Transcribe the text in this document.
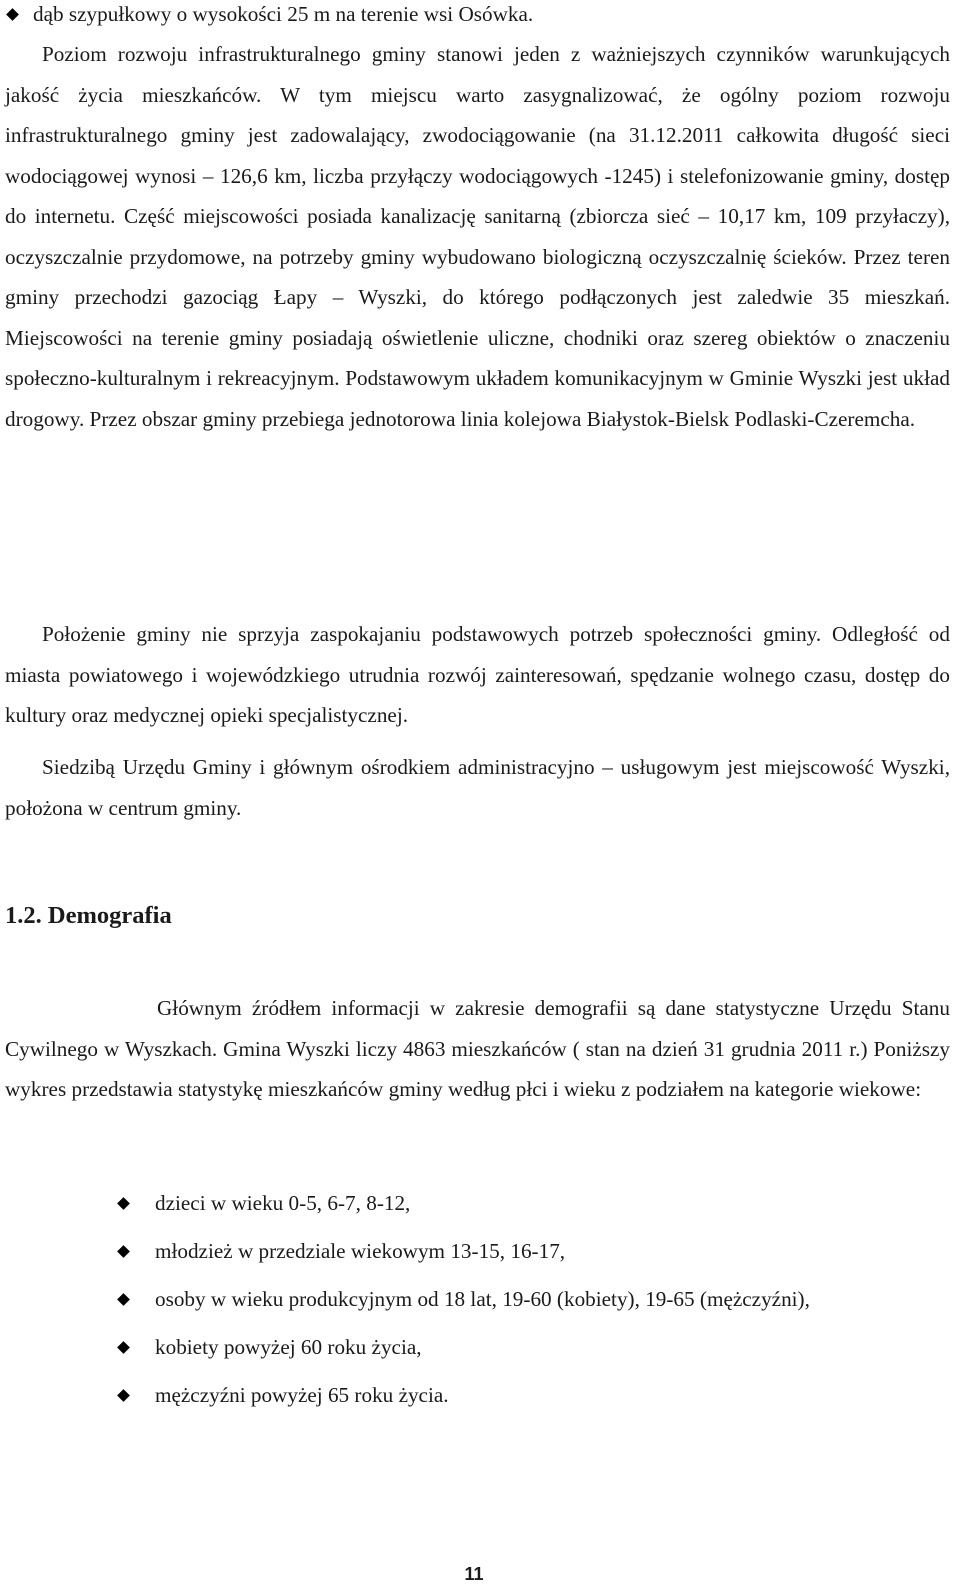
dąb szypułkowy o wysokości 25 m na terenie wsi Osówka.

Poziom rozwoju infrastrukturalnego gminy stanowi jeden z ważniejszych czynników warunkujących jakość życia mieszkańców. W tym miejscu warto zasygnalizować, że ogólny poziom rozwoju infrastrukturalnego gminy jest zadowalający, zwodociągowanie (na 31.12.2011 całkowita długość sieci wodociągowej wynosi – 126,6 km, liczba przyłączy wodociągowych -1245) i stelefonizowanie gminy, dostęp do internetu. Część miejscowości posiada kanalizację sanitarną (zbiorcza sieć – 10,17 km, 109 przyłaczy), oczyszczalnie przydomowe, na potrzeby gminy wybudowano biologiczną oczyszczalnię ścieków. Przez teren gminy przechodzi gazociąg Łapy – Wyszki, do którego podłączonych jest zaledwie 35 mieszkań. Miejscowości na terenie gminy posiadają oświetlenie uliczne, chodniki oraz szereg obiektów o znaczeniu społeczno-kulturalnym i rekreacyjnym. Podstawowym układem komunikacyjnym w Gminie Wyszki jest układ drogowy. Przez obszar gminy przebiega jednotorowa linia kolejowa Białystok-Bielsk Podlaski-Czeremcha.

Położenie gminy nie sprzyja zaspokajaniu podstawowych potrzeb społeczności gminy. Odległość od miasta powiatowego i wojewódzkiego utrudnia rozwój zainteresowań, spędzanie wolnego czasu, dostęp do kultury oraz medycznej opieki specjalistycznej.

Siedzibą Urzędu Gminy i głównym ośrodkiem administracyjno – usługowym jest miejscowość Wyszki, położona w centrum gminy.

1.2. Demografia

Głównym źródłem informacji w zakresie demografii są dane statystyczne Urzędu Stanu Cywilnego w Wyszkach. Gmina Wyszki liczy 4863 mieszkańców ( stan na dzień 31 grudnia 2011 r.) Poniższy wykres przedstawia statystykę mieszkańców gminy według płci i wieku z podziałem na kategorie wiekowe:

dzieci w wieku 0-5, 6-7, 8-12,
młodzież w przedziale wiekowym 13-15, 16-17,
osoby w wieku produkcyjnym od 18 lat, 19-60 (kobiety), 19-65 (mężczyźni),
kobiety powyżej 60 roku życia,
mężczyźni powyżej 65 roku życia.
11
